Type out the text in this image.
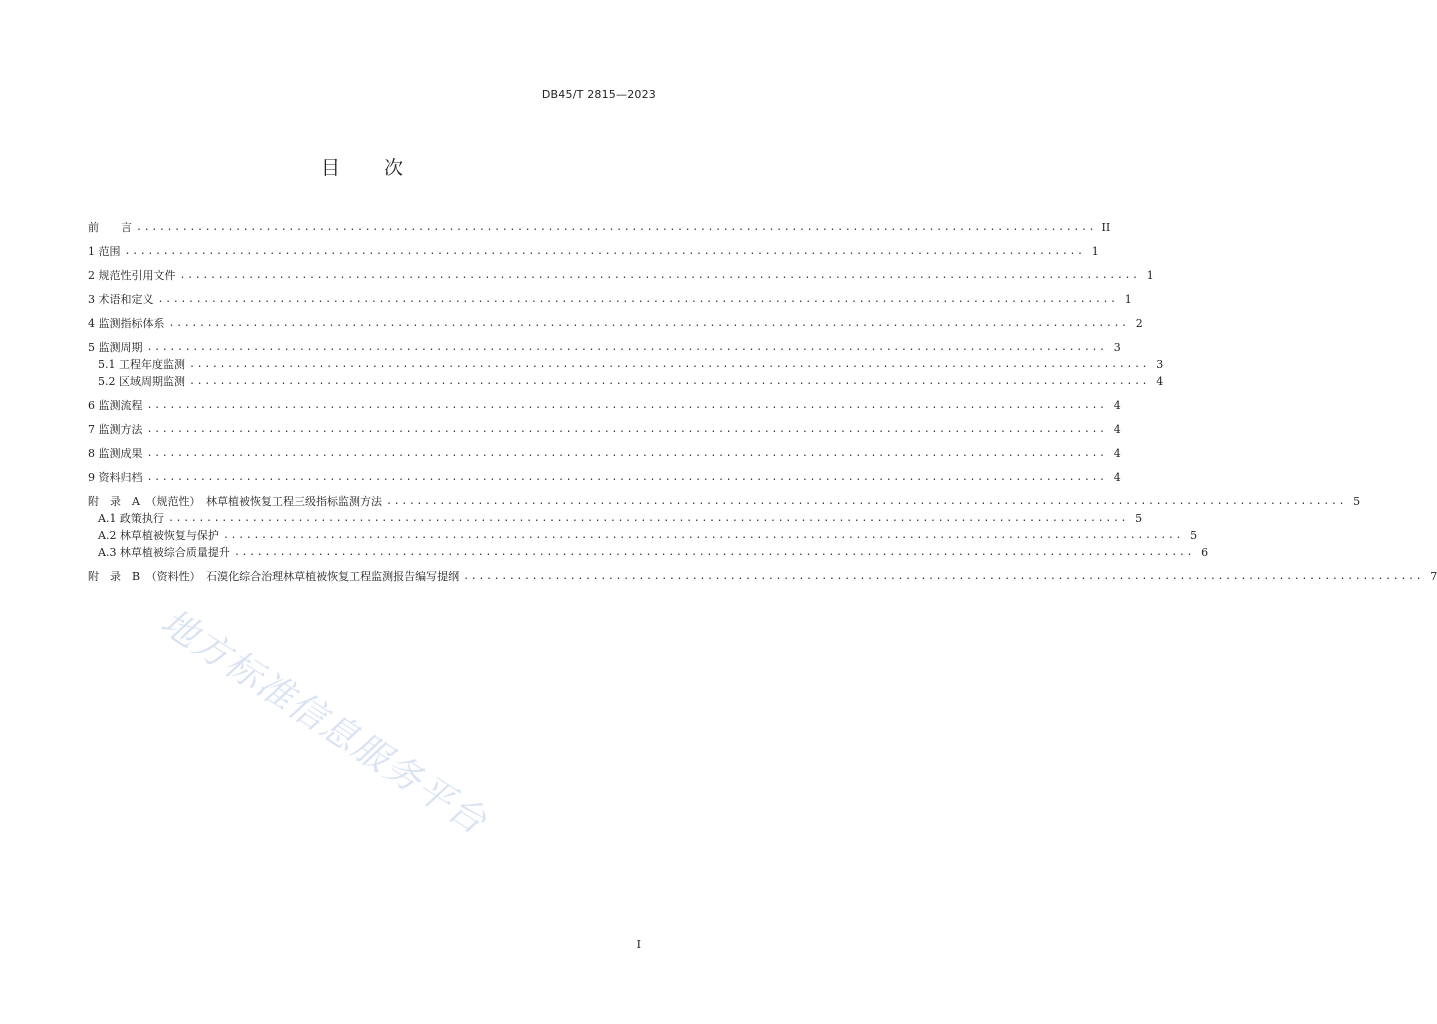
DB45/T 2815—2023
目 次
前　　言 .............................................................................................................................. II
1 范围 .............................................................................................................................. 1
2 规范性引用文件 .............................................................................................................................. 1
3 术语和定义 .............................................................................................................................. 1
4 监测指标体系 .............................................................................................................................. 2
5 监测周期 .............................................................................................................................. 3
5.1 工程年度监测 .............................................................................................................................. 3
5.2 区域周期监测 .............................................................................................................................. 4
6 监测流程 .............................................................................................................................. 4
7 监测方法 .............................................................................................................................. 4
8 监测成果 .............................................................................................................................. 4
9 资料归档 .............................................................................................................................. 4
附　录　A　（规范性）　林草植被恢复工程三级指标监测方法 .............................................................................................................................. 5
A.1 政策执行 .............................................................................................................................. 5
A.2 林草植被恢复与保护 .............................................................................................................................. 5
A.3 林草植被综合质量提升 .............................................................................................................................. 6
附　录　B　（资料性）　石漠化综合治理林草植被恢复工程监测报告编写提纲 .............................................................................................................................. 7
地方标准信息服务平台
I
